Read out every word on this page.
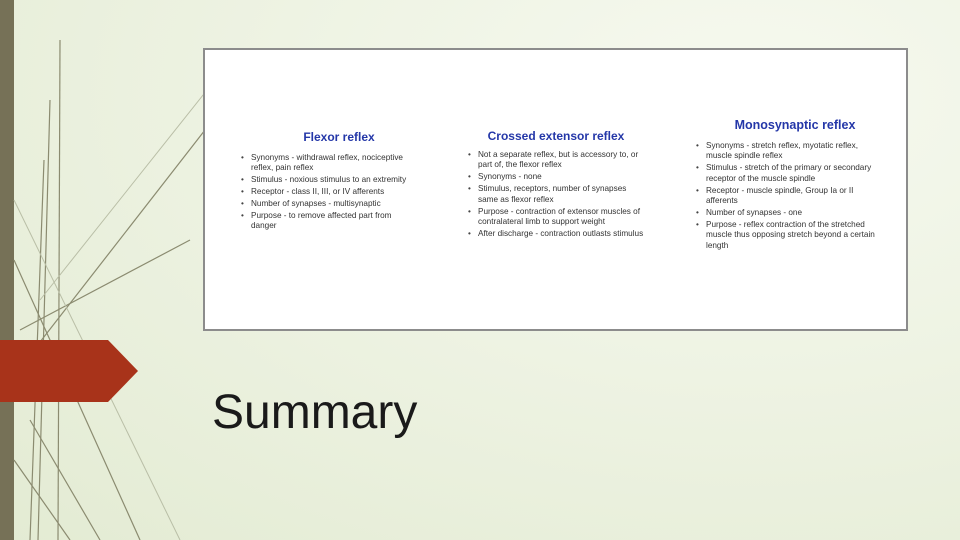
Flexor reflex
• Synonyms - withdrawal reflex, nociceptive reflex, pain reflex
• Stimulus - noxious stimulus to an extremity
• Receptor - class II, III, or IV afferents
• Number of synapses - multisynaptic
• Purpose - to remove affected part from danger
Crossed extensor reflex
• Not a separate reflex, but is accessory to, or part of, the flexor reflex
• Synonyms - none
• Stimulus, receptors, number of synapses same as flexor reflex
• Purpose - contraction of extensor muscles of contralateral limb to support weight
• After discharge - contraction outlasts stimulus
Monosynaptic reflex
• Synonyms - stretch reflex, myotatic reflex, muscle spindle reflex
• Stimulus - stretch of the primary or secondary receptor of the muscle spindle
• Receptor - muscle spindle, Group Ia or II afferents
• Number of synapses - one
• Purpose - reflex contraction of the stretched muscle thus opposing stretch beyond a certain length
Summary
